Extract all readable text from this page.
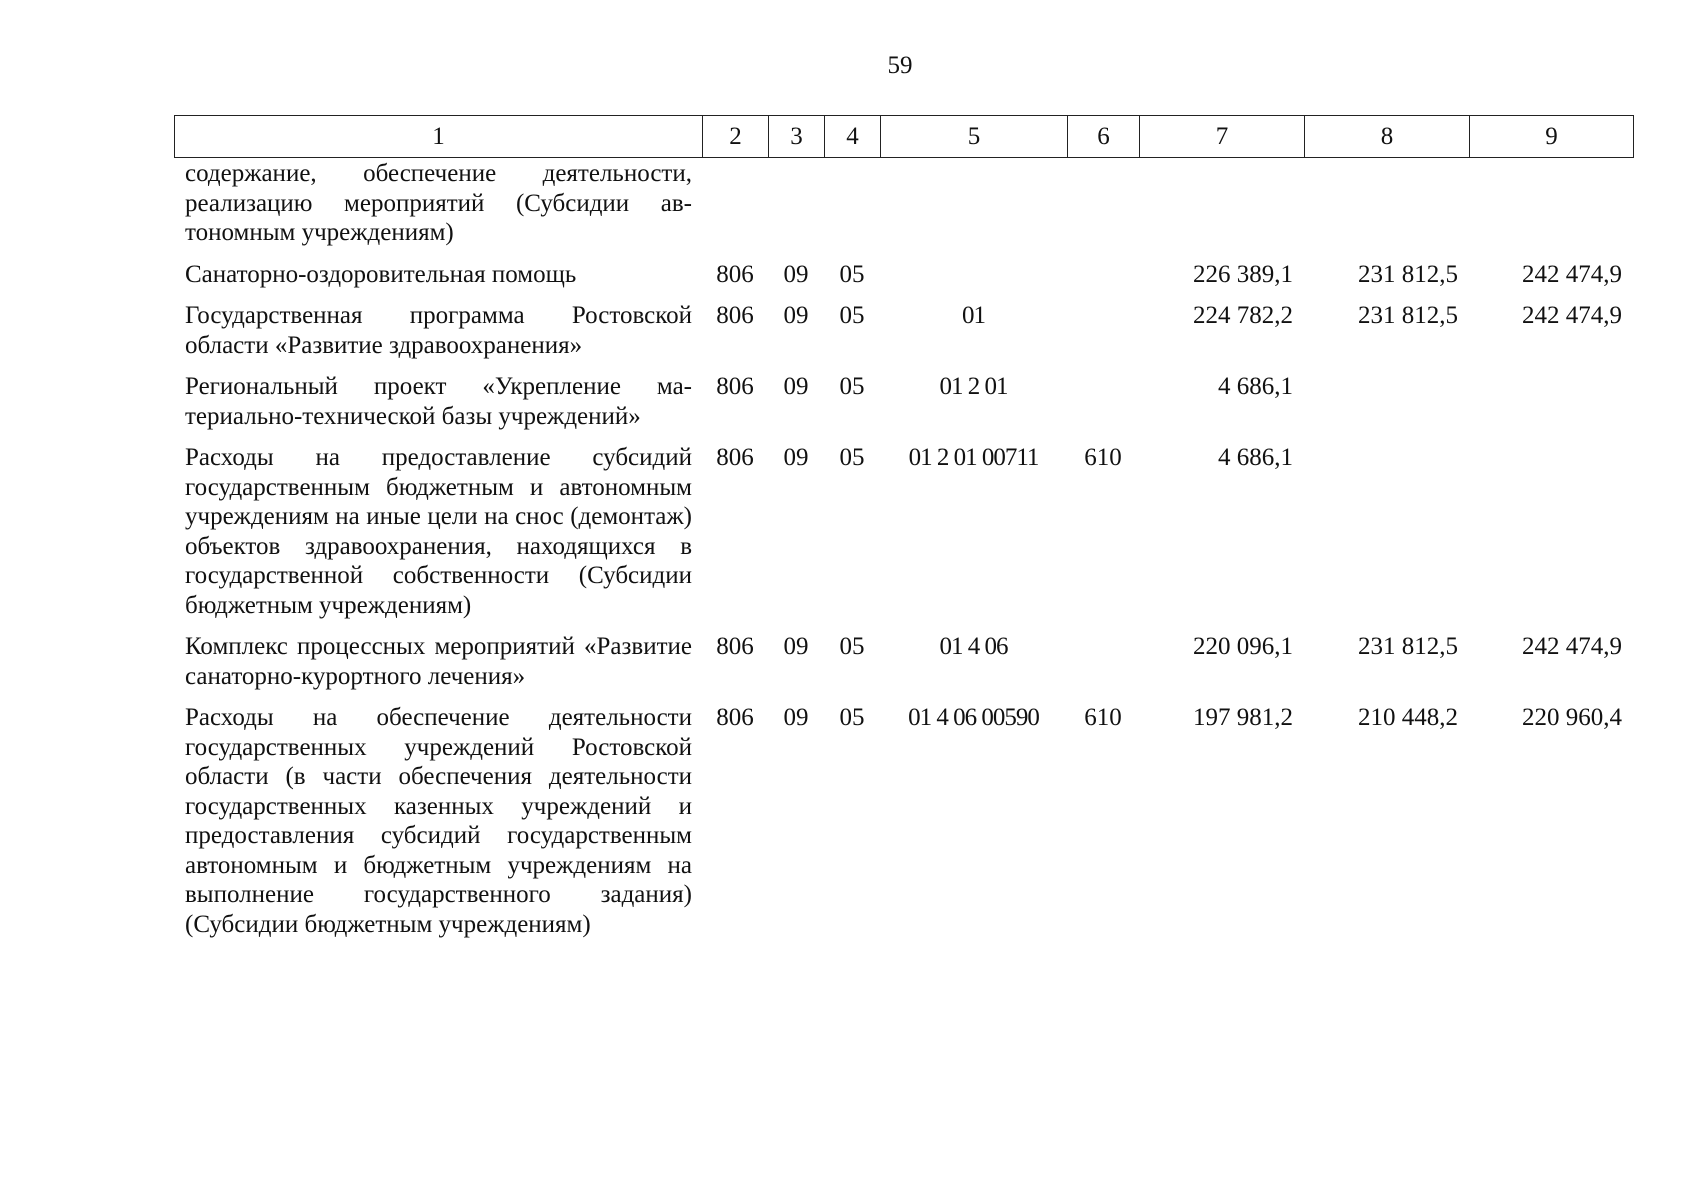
59
1	2	3	4	5	6	7	8	9
содержание, обеспечение деятельности, реализацию мероприятий (Субсидии автономным учреждениям)								
Санаторно-оздоровительная помощь	806	09	05			226 389,1	231 812,5	242 474,9
Государственная программа Ростовской области «Развитие здравоохранения»	806	09	05	01		224 782,2	231 812,5	242 474,9
Региональный проект «Укрепление материально-технической базы учреждений»	806	09	05	01 2 01		4 686,1		
Расходы на предоставление субсидий государственным бюджетным и автономным учреждениям на иные цели на снос (демонтаж) объектов здравоохранения, находящихся в государственной собственности (Субсидии бюджетным учреждениям)	806	09	05	01 2 01 00711	610	4 686,1		
Комплекс процессных мероприятий «Развитие санаторно-курортного лечения»	806	09	05	01 4 06		220 096,1	231 812,5	242 474,9
Расходы на обеспечение деятельности государственных учреждений Ростовской области (в части обеспечения деятельности государственных казенных учреждений и предоставления субсидий государственным автономным и бюджетным учреждениям на выполнение государственного задания) (Субсидии бюджетным учреждениям)	806	09	05	01 4 06 00590	610	197 981,2	210 448,2	220 960,4
